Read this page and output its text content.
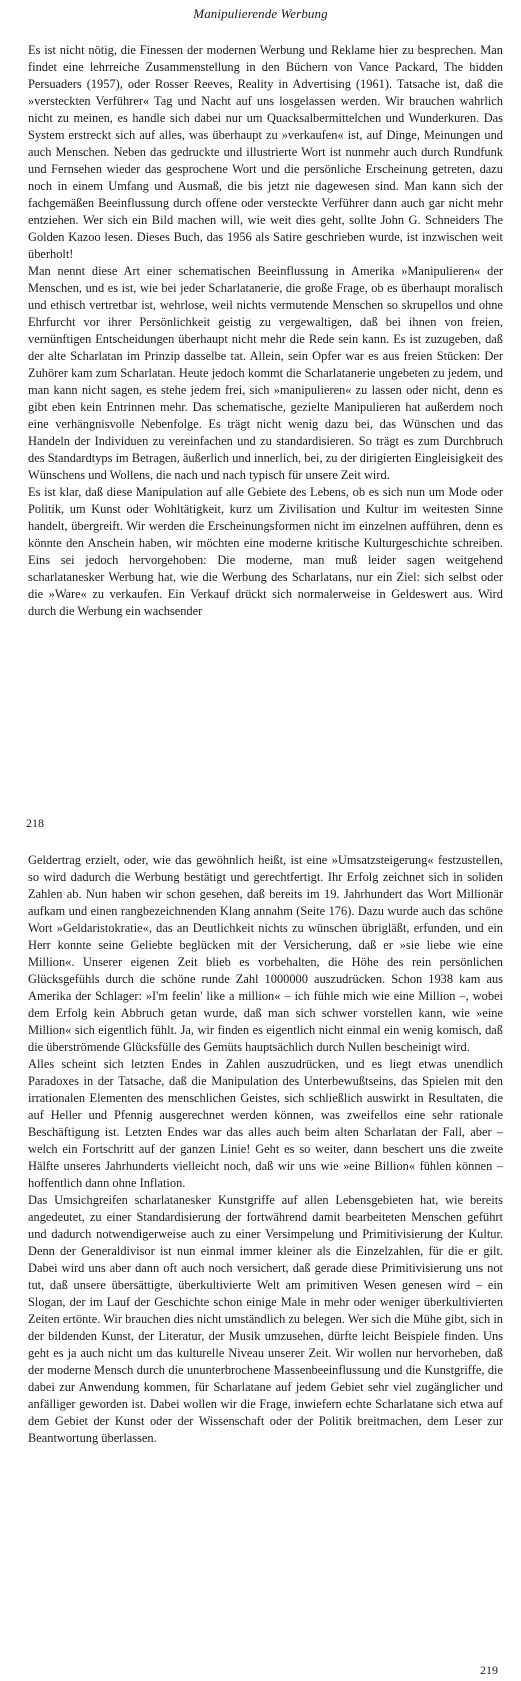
Manipulierende Werbung

Es ist nicht nötig, die Finessen der modernen Werbung und Reklame hier zu besprechen. Man findet eine lehrreiche Zusammenstellung in den Büchern von Vance Packard, The hidden Persuaders (1957), oder Rosser Reeves, Reality in Advertising (1961). Tatsache ist, daß die »versteckten Verführer« Tag und Nacht auf uns losgelassen werden. Wir brauchen wahrlich nicht zu meinen, es handle sich dabei nur um Quacksalbermittelchen und Wunderkuren. Das System erstreckt sich auf alles, was überhaupt zu »verkaufen« ist, auf Dinge, Meinungen und auch Menschen. Neben das gedruckte und illustrierte Wort ist nunmehr auch durch Rundfunk und Fernsehen wieder das gesprochene Wort und die persönliche Erscheinung getreten, dazu noch in einem Umfang und Ausmaß, die bis jetzt nie dagewesen sind. Man kann sich der fachgemäßen Beeinflussung durch offene oder versteckte Verführer dann auch gar nicht mehr entziehen. Wer sich ein Bild machen will, wie weit dies geht, sollte John G. Schneiders The Golden Kazoo lesen. Dieses Buch, das 1956 als Satire geschrieben wurde, ist inzwischen weit überholt!

Man nennt diese Art einer schematischen Beeinflussung in Amerika »Manipulieren« der Menschen, und es ist, wie bei jeder Scharlatanerie, die große Frage, ob es überhaupt moralisch und ethisch vertretbar ist, wehrlose, weil nichts vermutende Menschen so skrupellos und ohne Ehrfurcht vor ihrer Persönlichkeit geistig zu vergewaltigen, daß bei ihnen von freien, vernünftigen Entscheidungen überhaupt nicht mehr die Rede sein kann. Es ist zuzugeben, daß der alte Scharlatan im Prinzip dasselbe tat. Allein, sein Opfer war es aus freien Stücken: Der Zuhörer kam zum Scharlatan. Heute jedoch kommt die Scharlatanerie ungebeten zu jedem, und man kann nicht sagen, es stehe jedem frei, sich »manipulieren« zu lassen oder nicht, denn es gibt eben kein Entrinnen mehr. Das schematische, gezielte Manipulieren hat außerdem noch eine verhängnisvolle Nebenfolge. Es trägt nicht wenig dazu bei, das Wünschen und das Handeln der Individuen zu vereinfachen und zu standardisieren. So trägt es zum Durchbruch des Standardtyps im Betragen, äußerlich und innerlich, bei, zu der dirigierten Eingleisigkeit des Wünschens und Wollens, die nach und nach typisch für unsere Zeit wird.

Es ist klar, daß diese Manipulation auf alle Gebiete des Lebens, ob es sich nun um Mode oder Politik, um Kunst oder Wohltätigkeit, kurz um Zivilisation und Kultur im weitesten Sinne handelt, übergreift. Wir werden die Erscheinungsformen nicht im einzelnen aufführen, denn es könnte den Anschein haben, wir möchten eine moderne kritische Kulturgeschichte schreiben. Eins sei jedoch hervorgehoben: Die moderne, man muß leider sagen weitgehend scharlatanesker Werbung hat, wie die Werbung des Scharlatans, nur ein Ziel: sich selbst oder die »Ware« zu verkaufen. Ein Verkauf drückt sich normalerweise in Geldeswert aus. Wird durch die Werbung ein wachsender

218

Geldertrag erzielt, oder, wie das gewöhnlich heißt, ist eine »Umsatzsteigerung« festzustellen, so wird dadurch die Werbung bestätigt und gerechtfertigt. Ihr Erfolg zeichnet sich in soliden Zahlen ab. Nun haben wir schon gesehen, daß bereits im 19. Jahrhundert das Wort Millionär aufkam und einen rangbezeichnenden Klang annahm (Seite 176). Dazu wurde auch das schöne Wort »Geldaristokratie«, das an Deutlichkeit nichts zu wünschen übrigläßt, erfunden, und ein Herr konnte seine Geliebte beglücken mit der Versicherung, daß er »sie liebe wie eine Million«. Unserer eigenen Zeit blieb es vorbehalten, die Höhe des rein persönlichen Glücksgefühls durch die schöne runde Zahl 1000000 auszudrücken. Schon 1938 kam aus Amerika der Schlager: »I'm feelin' like a million« – ich fühle mich wie eine Million –, wobei dem Erfolg kein Abbruch getan wurde, daß man sich schwer vorstellen kann, wie »eine Million« sich eigentlich fühlt. Ja, wir finden es eigentlich nicht einmal ein wenig komisch, daß die überströmende Glücksfülle des Gemüts hauptsächlich durch Nullen bescheinigt wird.

Alles scheint sich letzten Endes in Zahlen auszudrücken, und es liegt etwas unendlich Paradoxes in der Tatsache, daß die Manipulation des Unterbewußtseins, das Spielen mit den irrationalen Elementen des menschlichen Geistes, sich schließlich auswirkt in Resultaten, die auf Heller und Pfennig ausgerechnet werden können, was zweifellos eine sehr rationale Beschäftigung ist. Letzten Endes war das alles auch beim alten Scharlatan der Fall, aber – welch ein Fortschritt auf der ganzen Linie! Geht es so weiter, dann beschert uns die zweite Hälfte unseres Jahrhunderts vielleicht noch, daß wir uns wie »eine Billion« fühlen können – hoffentlich dann ohne Inflation.

Das Umsichgreifen scharlatanesker Kunstgriffe auf allen Lebensgebieten hat, wie bereits angedeutet, zu einer Standardisierung der fortwährend damit bearbeiteten Menschen geführt und dadurch notwendigerweise auch zu einer Versimpelung und Primitivisierung der Kultur. Denn der Generaldivisor ist nun einmal immer kleiner als die Einzelzahlen, für die er gilt. Dabei wird uns aber dann oft auch noch versichert, daß gerade diese Primitivisierung uns not tut, daß unsere übersättigte, überkultivierte Welt am primitiven Wesen genesen wird – ein Slogan, der im Lauf der Geschichte schon einige Male in mehr oder weniger überkultivierten Zeiten ertönte. Wir brauchen dies nicht umständlich zu belegen. Wer sich die Mühe gibt, sich in der bildenden Kunst, der Literatur, der Musik umzusehen, dürfte leicht Beispiele finden. Uns geht es ja auch nicht um das kulturelle Niveau unserer Zeit. Wir wollen nur hervorheben, daß der moderne Mensch durch die ununterbrochene Massenbeeinflussung und die Kunstgriffe, die dabei zur Anwendung kommen, für Scharlatane auf jedem Gebiet sehr viel zugänglicher und anfälliger geworden ist. Dabei wollen wir die Frage, inwiefern echte Scharlatane sich etwa auf dem Gebiet der Kunst oder der Wissenschaft oder der Politik breitmachen, dem Leser zur Beantwortung überlassen.

219
